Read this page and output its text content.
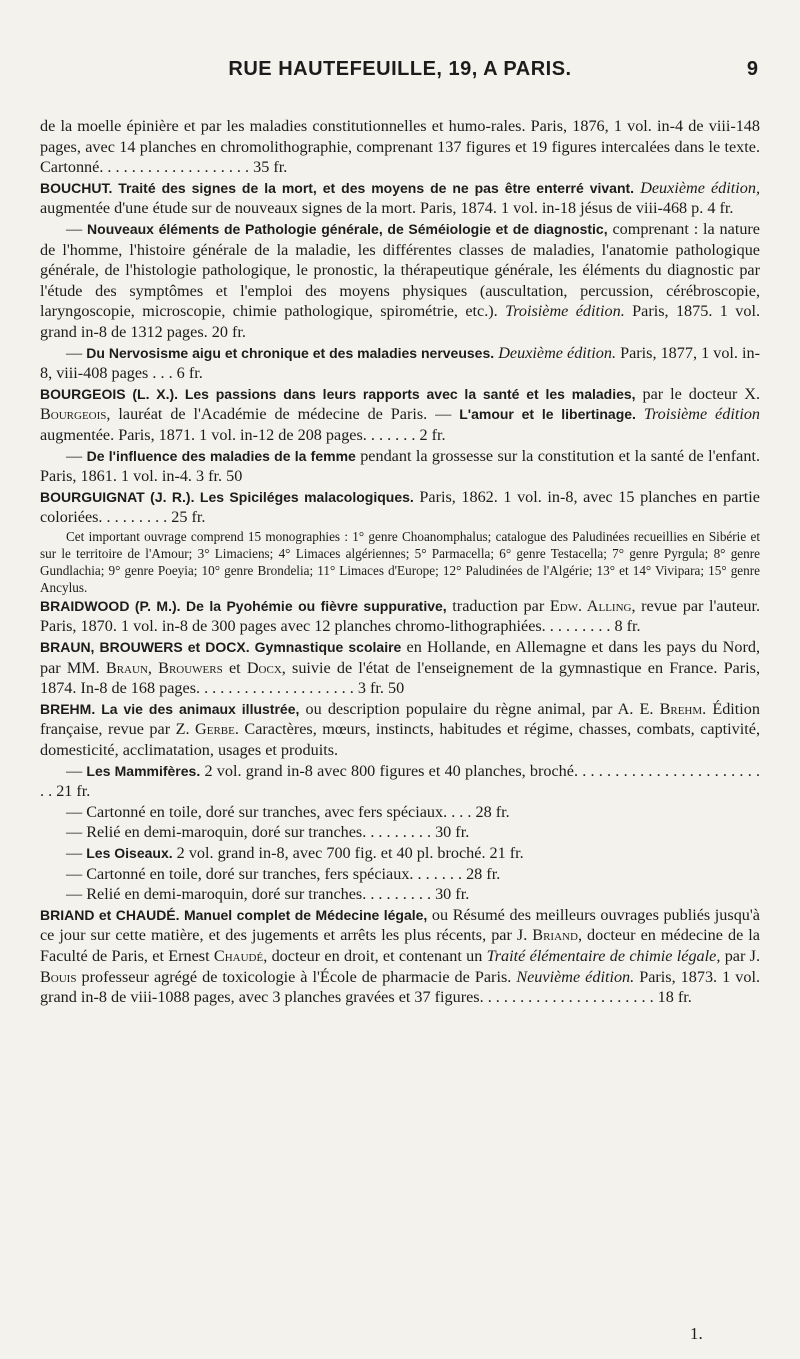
RUE HAUTEFEUILLE, 19, A PARIS.	9

de la moelle épinière et par les maladies constitutionnelles et humo-rales. Paris, 1876, 1 vol. in-4 de viii-148 pages, avec 14 planches en chromolithographie, comprenant 137 figures et 19 figures intercalées dans le texte. Cartonné. . . . . . . . . . . . . . . . . . . 35 fr.

BOUCHUT. Traité des signes de la mort, et des moyens de ne pas être enterré vivant. Deuxième édition, augmentée d'une étude sur de nouveaux signes de la mort. Paris, 1874. 1 vol. in-18 jésus de viii-468 p. 4 fr.

— Nouveaux éléments de Pathologie générale, de Séméiologie et de diagnostic, comprenant : la nature de l'homme, l'histoire générale de la maladie, les différentes classes de maladies, l'anatomie pathologique générale, de l'histologie pathologique, le pronostic, la thérapeutique générale, les éléments du diagnostic par l'étude des symptômes et l'emploi des moyens physiques (auscultation, percussion, cérébroscopie, laryngoscopie, microscopie, chimie pathologique, spirométrie, etc.). Troisième édition. Paris, 1875. 1 vol. grand in-8 de 1312 pages. 20 fr.

— Du Nervosisme aigu et chronique et des maladies nerveuses. Deuxième édition. Paris, 1877, 1 vol. in-8, viii-408 pages . . . 6 fr.

BOURGEOIS (L. X.). Les passions dans leurs rapports avec la santé et les maladies, par le docteur X. Bourgeois, lauréat de l'Académie de médecine de Paris. — L'amour et le libertinage. Troisième édition augmentée. Paris, 1871. 1 vol. in-12 de 208 pages. . . . . . . 2 fr.

— De l'influence des maladies de la femme pendant la grossesse sur la constitution et la santé de l'enfant. Paris, 1861. 1 vol. in-4. 3 fr. 50

BOURGUIGNAT (J. R.). Les Spiciléges malacologiques. Paris, 1862. 1 vol. in-8, avec 15 planches en partie coloriées. . . . . . . . . 25 fr.

Cet important ouvrage comprend 15 monographies : 1° genre Choanomphalus; catalogue des Paludinées recueillies en Sibérie et sur le territoire de l'Amour; 3° Limaciens; 4° Limaces algériennes; 5° Parmacella; 6° genre Testacella; 7° genre Pyrgula; 8° genre Gundlachia; 9° genre Poeyia; 10° genre Brondelia; 11° Limaces d'Europe; 12° Paludinées de l'Algérie; 13° et 14° Vivipara; 15° genre Ancylus.

BRAIDWOOD (P. M.). De la Pyohémie ou fièvre suppurative, traduction par Edw. Alling, revue par l'auteur. Paris, 1870. 1 vol. in-8 de 300 pages avec 12 planches chromo-lithographiées. . . . . . . . . 8 fr.

BRAUN, BROUWERS et DOCX. Gymnastique scolaire en Hollande, en Allemagne et dans les pays du Nord, par MM. Braun, Brouwers et Docx, suivie de l'état de l'enseignement de la gymnastique en France. Paris, 1874. In-8 de 168 pages. . . . . . . . . . . . . . . . . . . . 3 fr. 50

BREHM. La vie des animaux illustrée, ou description populaire du règne animal, par A. E. Brehm. Édition française, revue par Z. Gerbe. Caractères, mœurs, instincts, habitudes et régime, chasses, combats, captivité, domesticité, acclimatation, usages et produits.

— Les Mammifères. 2 vol. grand in-8 avec 800 figures et 40 planches, broché. . . . . . . . . . . . . . . . . . . . . . . . . 21 fr.

— Cartonné en toile, doré sur tranches, avec fers spéciaux. . . . 28 fr.

— Relié en demi-maroquin, doré sur tranches. . . . . . . . . 30 fr.

— Les Oiseaux. 2 vol. grand in-8, avec 700 fig. et 40 pl. broché. 21 fr.

— Cartonné en toile, doré sur tranches, fers spéciaux. . . . . . . 28 fr.

— Relié en demi-maroquin, doré sur tranches. . . . . . . . . 30 fr.

BRIAND et CHAUDÉ. Manuel complet de Médecine légale, ou Résumé des meilleurs ouvrages publiés jusqu'à ce jour sur cette matière, et des jugements et arrêts les plus récents, par J. Briand, docteur en médecine de la Faculté de Paris, et Ernest Chaudé, docteur en droit, et contenant un Traité élémentaire de chimie légale, par J. Bouis professeur agrégé de toxicologie à l'École de pharmacie de Paris. Neuvième édition. Paris, 1873. 1 vol. grand in-8 de viii-1088 pages, avec 3 planches gravées et 37 figures. . . . . . . . . . . . . . . . . . . . . . 18 fr.

1.
